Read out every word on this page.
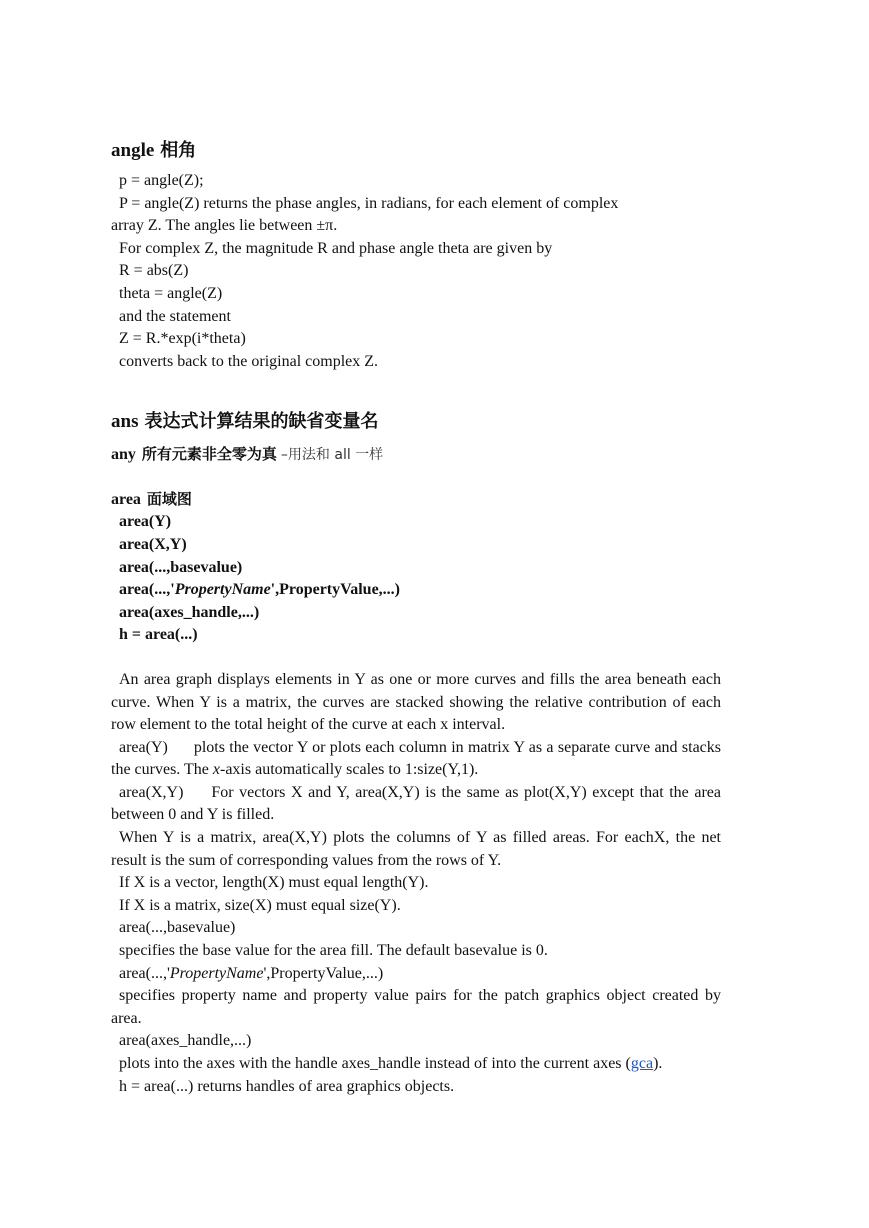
angle 相角

p = angle(Z);

P = angle(Z) returns the phase angles, in radians, for each element of complex

array Z. The angles lie between ±π.

For complex Z, the magnitude R and phase angle theta are given by

R = abs(Z)

theta = angle(Z)

and the statement

Z = R.*exp(i*theta)

converts back to the original complex Z.

ans 表达式计算结果的缺省变量名

any 所有元素非全零为真 –用法和 all 一样

area 面域图

area(Y)

area(X,Y)

area(...,basevalue)

area(...,'PropertyName',PropertyValue,...)

area(axes_handle,...)

h = area(...)

An area graph displays elements in Y as one or more curves and fills the area beneath each curve. When Y is a matrix, the curves are stacked showing the relative contribution of each row element to the total height of the curve at each x interval.

area(Y)      plots the vector Y or plots each column in matrix Y as a separate curve and stacks the curves. The x-axis automatically scales to 1:size(Y,1).

area(X,Y)     For vectors X and Y, area(X,Y) is the same as plot(X,Y) except that the area between 0 and Y is filled.

When Y is a matrix, area(X,Y) plots the columns of Y as filled areas. For eachX, the net result is the sum of corresponding values from the rows of Y.

If X is a vector, length(X) must equal length(Y).

If X is a matrix, size(X) must equal size(Y).

area(...,basevalue)

specifies the base value for the area fill. The default basevalue is 0.

area(...,'PropertyName',PropertyValue,...)

specifies property name and property value pairs for the patch graphics object created by area.

area(axes_handle,...)

plots into the axes with the handle axes_handle instead of into the current axes (gca).

h = area(...) returns handles of area graphics objects.
